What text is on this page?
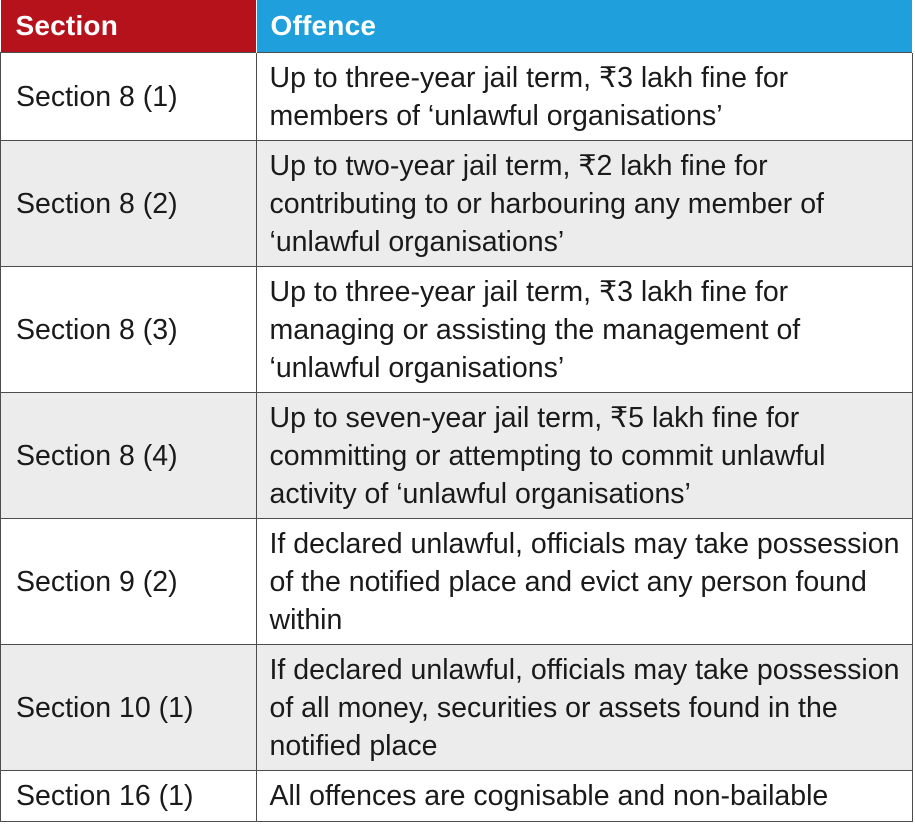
Section	Offence
Section 8 (1)	Up to three-year jail term, ₹3 lakh fine for members of ‘unlawful organisations’
Section 8 (2)	Up to two-year jail term, ₹2 lakh fine for contributing to or harbouring any member of ‘unlawful organisations’
Section 8 (3)	Up to three-year jail term, ₹3 lakh fine for managing or assisting the management of ‘unlawful organisations’
Section 8 (4)	Up to seven-year jail term, ₹5 lakh fine for committing or attempting to commit unlawful activity of ‘unlawful organisations’
Section 9 (2)	If declared unlawful, officials may take possession of the notified place and evict any person found within
Section 10 (1)	If declared unlawful, officials may take possession of all money, securities or assets found in the notified place
Section 16 (1)	All offences are cognisable and non-bailable
